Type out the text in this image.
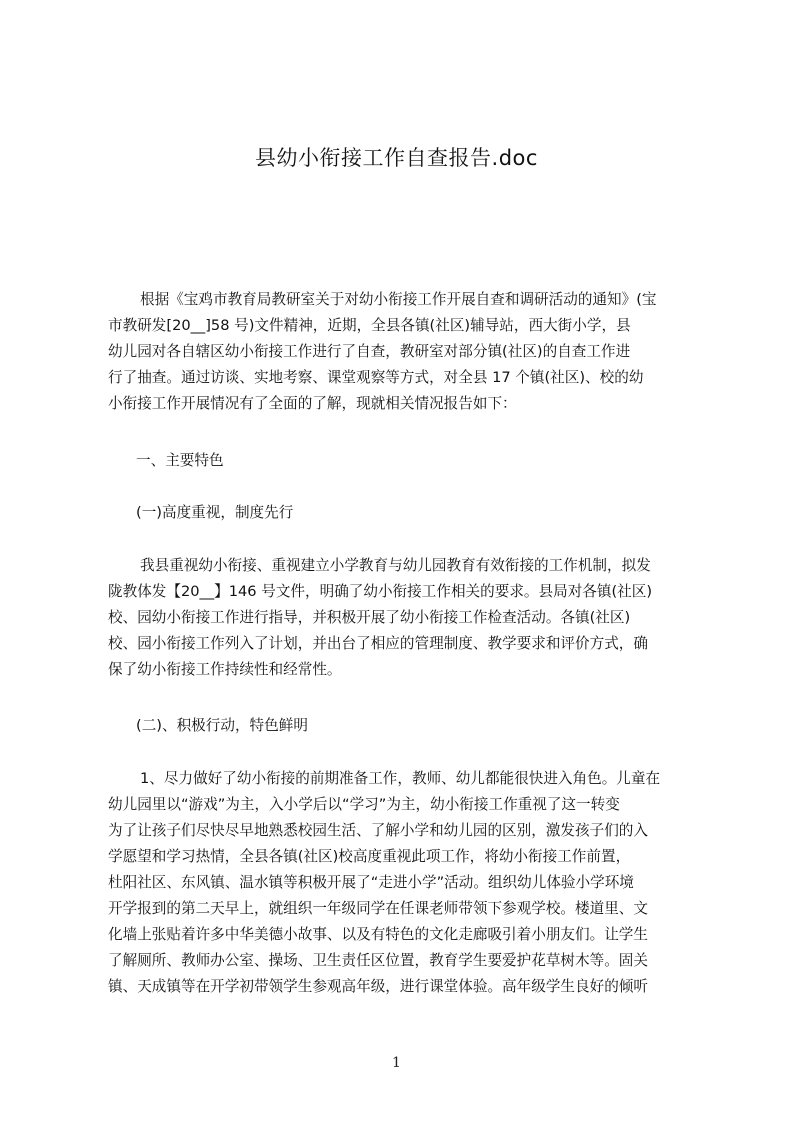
县幼小衔接工作自查报告.doc
根据《宝鸡市教育局教研室关于对幼小衔接工作开展自查和调研活动的通知》(宝
市教研发[20__]58 号)文件精神，近期，全县各镇(社区)辅导站，西大街小学，县
幼儿园对各自辖区幼小衔接工作进行了自查，教研室对部分镇(社区)的自查工作进
行了抽查。通过访谈、实地考察、课堂观察等方式，对全县 17 个镇(社区)、校的幼
小衔接工作开展情况有了全面的了解，现就相关情况报告如下：
一、主要特色
(一)高度重视，制度先行
我县重视幼小衔接、重视建立小学教育与幼儿园教育有效衔接的工作机制，拟发
陇教体发【20__】146 号文件，明确了幼小衔接工作相关的要求。县局对各镇(社区)
校、园幼小衔接工作进行指导，并积极开展了幼小衔接工作检查活动。各镇(社区)
校、园小衔接工作列入了计划，并出台了相应的管理制度、教学要求和评价方式，确
保了幼小衔接工作持续性和经常性。
(二)、积极行动，特色鲜明
1、尽力做好了幼小衔接的前期准备工作，教师、幼儿都能很快进入角色。儿童在
幼儿园里以“游戏”为主，入小学后以“学习”为主，幼小衔接工作重视了这一转变
为了让孩子们尽快尽早地熟悉校园生活、了解小学和幼儿园的区别，激发孩子们的入
学愿望和学习热情，全县各镇(社区)校高度重视此项工作，将幼小衔接工作前置，
杜阳社区、东风镇、温水镇等积极开展了“走进小学”活动。组织幼儿体验小学环境
开学报到的第二天早上，就组织一年级同学在任课老师带领下参观学校。楼道里、文
化墙上张贴着许多中华美德小故事、以及有特色的文化走廊吸引着小朋友们。让学生
了解厕所、教师办公室、操场、卫生责任区位置，教育学生要爱护花草树木等。固关
镇、天成镇等在开学初带领学生参观高年级，进行课堂体验。高年级学生良好的倾听
1
